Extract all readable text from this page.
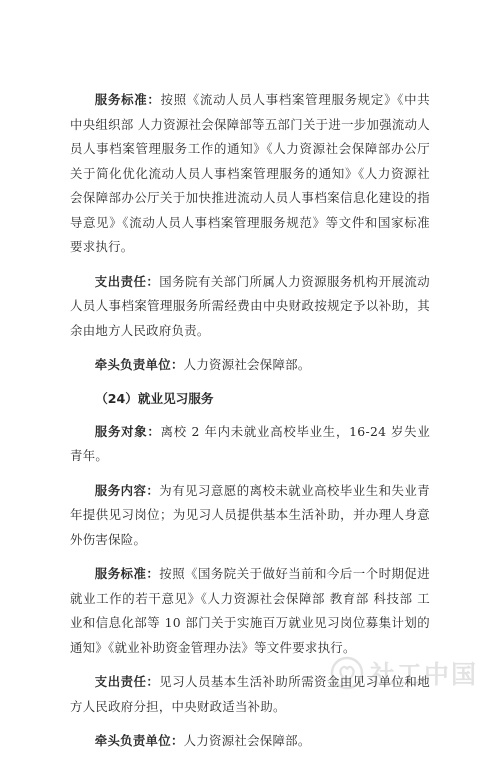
服务标准：按照《流动人员人事档案管理服务规定》《中共中央组织部 人力资源社会保障部等五部门关于进一步加强流动人员人事档案管理服务工作的通知》《人力资源社会保障部办公厅关于简化优化流动人员人事档案管理服务的通知》《人力资源社会保障部办公厅关于加快推进流动人员人事档案信息化建设的指导意见》《流动人员人事档案管理服务规范》等文件和国家标准要求执行。

支出责任：国务院有关部门所属人力资源服务机构开展流动人员人事档案管理服务所需经费由中央财政按规定予以补助，其余由地方人民政府负责。

牵头负责单位：人力资源社会保障部。

（24）就业见习服务

服务对象：离校 2 年内未就业高校毕业生，16-24 岁失业青年。

服务内容：为有见习意愿的离校未就业高校毕业生和失业青年提供见习岗位；为见习人员提供基本生活补助，并办理人身意外伤害保险。

服务标准：按照《国务院关于做好当前和今后一个时期促进就业工作的若干意见》《人力资源社会保障部 教育部 科技部 工业和信息化部等 10 部门关于实施百万就业见习岗位募集计划的通知》《就业补助资金管理办法》等文件要求执行。

支出责任：见习人员基本生活补助所需资金由见习单位和地方人民政府分担，中央财政适当补助。

牵头负责单位：人力资源社会保障部。

社工中国
